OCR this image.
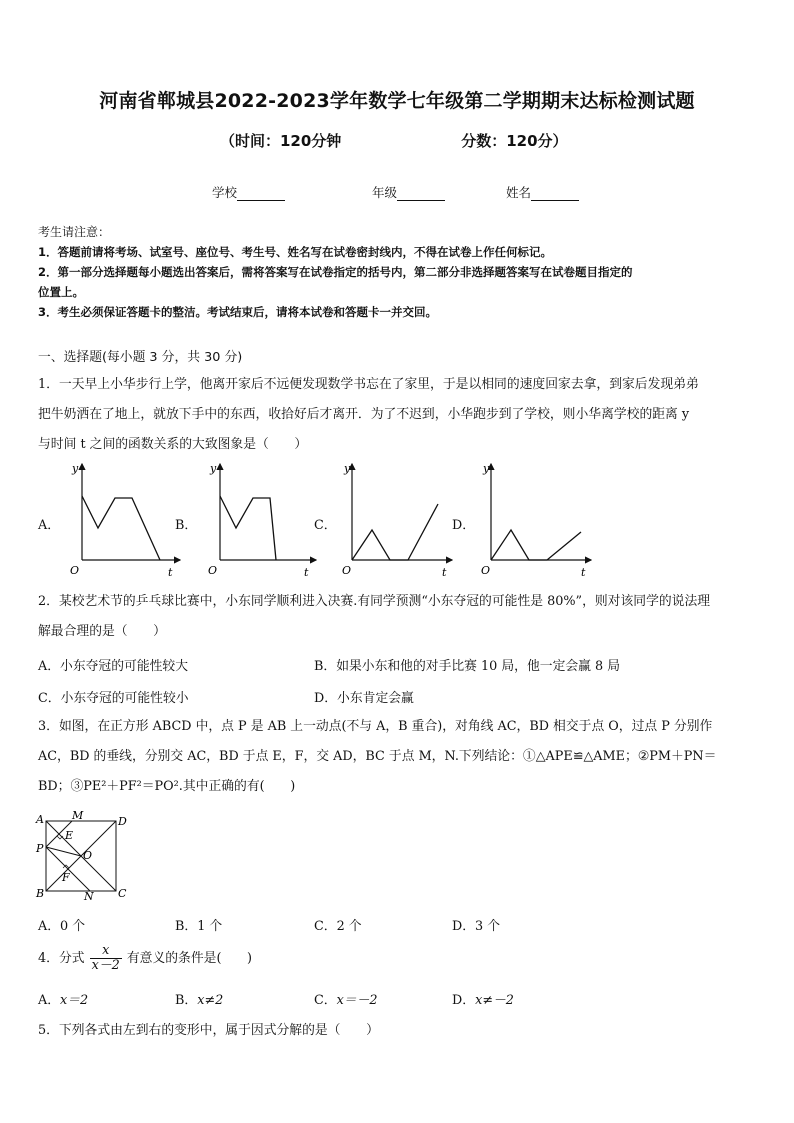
河南省郸城县2022-2023学年数学七年级第二学期期末达标检测试题
（时间：120分钟	分数：120分）
学校	年级	姓名

考生请注意：

1．答题前请将考场、试室号、座位号、考生号、姓名写在试卷密封线内，不得在试卷上作任何标记。

2．第一部分选择题每小题选出答案后，需将答案写在试卷指定的括号内，第二部分非选择题答案写在试卷题目指定的

位置上。

3．考生必须保证答题卡的整洁。考试结束后，请将本试卷和答题卡一并交回。

一、选择题(每小题 3 分，共 30 分)

1．一天早上小华步行上学，他离开家后不远便发现数学书忘在了家里，于是以相同的速度回家去拿，到家后发现弟弟

把牛奶洒在了地上，就放下手中的东西，收拾好后才离开．为了不迟到，小华跑步到了学校，则小华离学校的距离 y

与时间 t 之间的函数关系的大致图象是（　　）

A．
O	t
y
B．
O	t
y
C．
O	t
y
D．
O	t
y

2．某校艺术节的乒乓球比赛中，小东同学顺利进入决赛.有同学预测“小东夺冠的可能性是 80%”，则对该同学的说法理

解最合理的是（　　）

A．小东夺冠的可能性较大	B．如果小东和他的对手比赛 10 局，他一定会赢 8 局
C．小东夺冠的可能性较小	D．小东肯定会赢

3．如图，在正方形 ABCD 中，点 P 是 AB 上一动点(不与 A，B 重合)，对角线 AC，BD 相交于点 O，过点 P 分别作

AC，BD 的垂线，分别交 AC，BD 于点 E，F，交 AD，BC 于点 M，N.下列结论：①△APE≌△AME；②PM＋PN＝

BD；③PE²＋PF²＝PO².其中正确的有(　　)

A	M	D
E
P
O
F
B	N C
A．0 个	B．1 个	C．2 个	D．3 个
4．分式 $\frac{x}{x-2}$ 有意义的条件是(　　)
A．x＝2	B．x≠2	C．x＝－2	D．x≠－2
5．下列各式由左到右的变形中，属于因式分解的是（　　）
